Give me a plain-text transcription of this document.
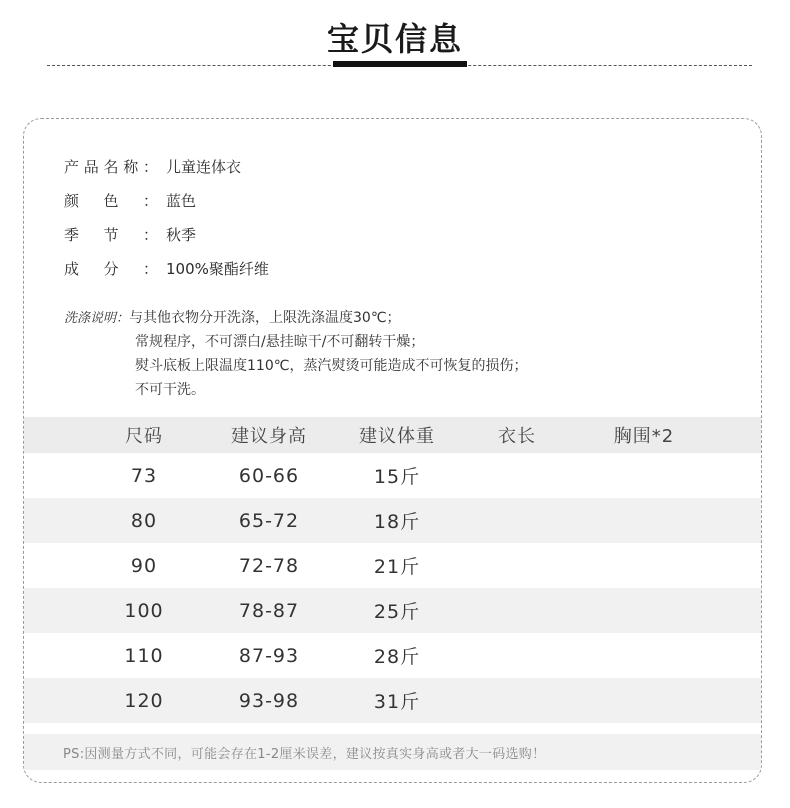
宝贝信息
产 品 名 称 ： 儿童连体衣
颜 色 ： 蓝色
季 节 ： 秋季
成 分 ： 100%聚酯纤维
洗涤说明：与其他衣物分开洗涤，上限洗涤温度30℃；
常规程序，不可漂白/悬挂晾干/不可翻转干燥；
熨斗底板上限温度110℃，蒸汽熨烫可能造成不可恢复的损伤；
不可干洗。
尺码	建议身高	建议体重	衣长	胸围*2
73	60-66	15斤
80	65-72	18斤
90	72-78	21斤
100	78-87	25斤
110	87-93	28斤
120	93-98	31斤
PS:因测量方式不同，可能会存在1-2厘米误差，建议按真实身高或者大一码选购！
